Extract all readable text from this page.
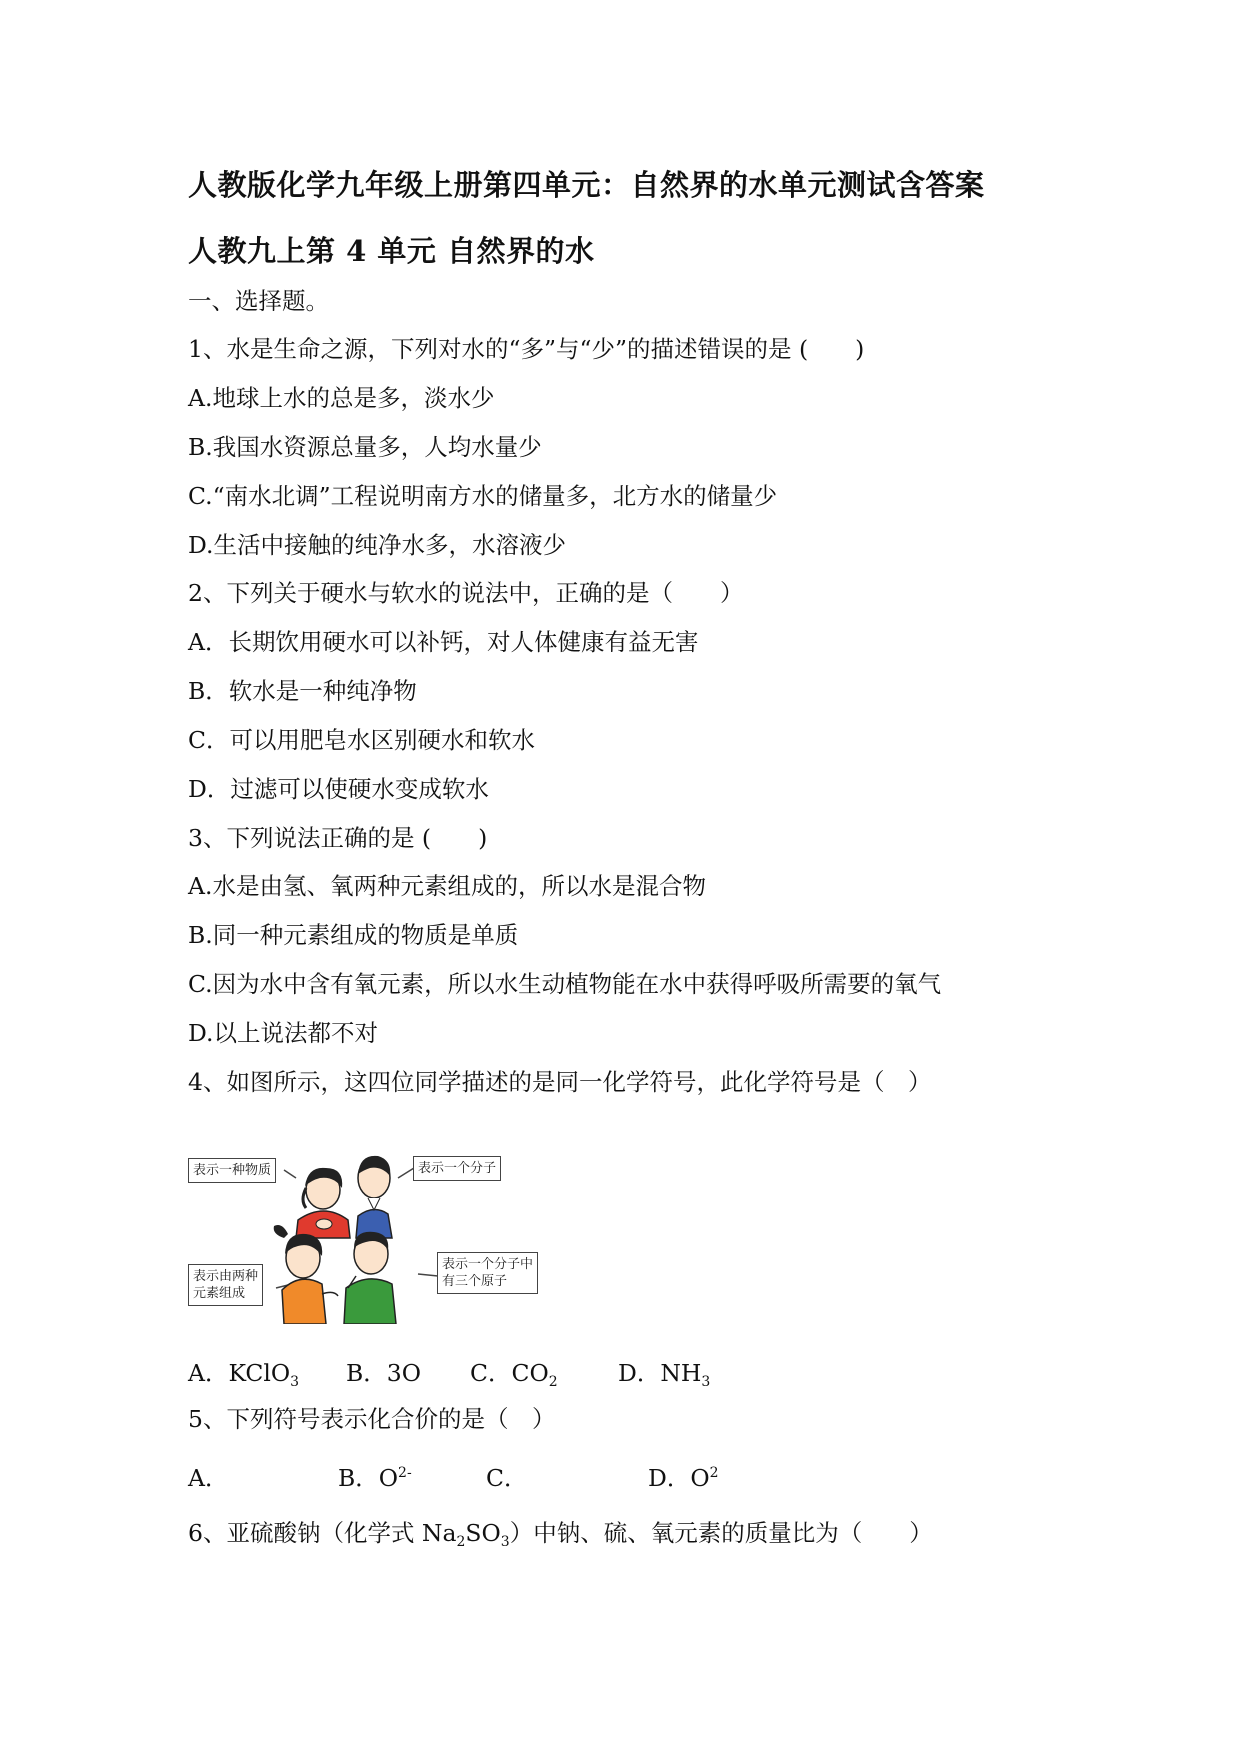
人教版化学九年级上册第四单元：自然界的水单元测试含答案
人教九上第 4 单元 自然界的水
一、选择题。
1、水是生命之源，下列对水的“多”与“少”的描述错误的是 (　　)
A.地球上水的总是多，淡水少
B.我国水资源总量多，人均水量少
C.“南水北调”工程说明南方水的储量多，北方水的储量少
D.生活中接触的纯净水多，水溶液少
2、下列关于硬水与软水的说法中，正确的是（　　）
A．长期饮用硬水可以补钙，对人体健康有益无害
B．软水是一种纯净物
C．可以用肥皂水区别硬水和软水
D．过滤可以使硬水变成软水
3、下列说法正确的是 (　　)
A.水是由氢、氧两种元素组成的，所以水是混合物
B.同一种元素组成的物质是单质
C.因为水中含有氧元素，所以水生动植物能在水中获得呼吸所需要的氧气
D.以上说法都不对
4、如图所示，这四位同学描述的是同一化学符号，此化学符号是（　）
表示一种物质	表示一个分子
表示由两种
元素组成
表示一个分子中
有三个原子
A．KClO$_3$ B．3O C．$CO_2$	D．$NH_3$
5、下列符号表示化合价的是（　）
A．	B．$O^{2-}$	C．	D．$O^2$
6、亚硫酸钠（化学式 $Na_2SO_3$）中钠、硫、氧元素的质量比为（　　）
